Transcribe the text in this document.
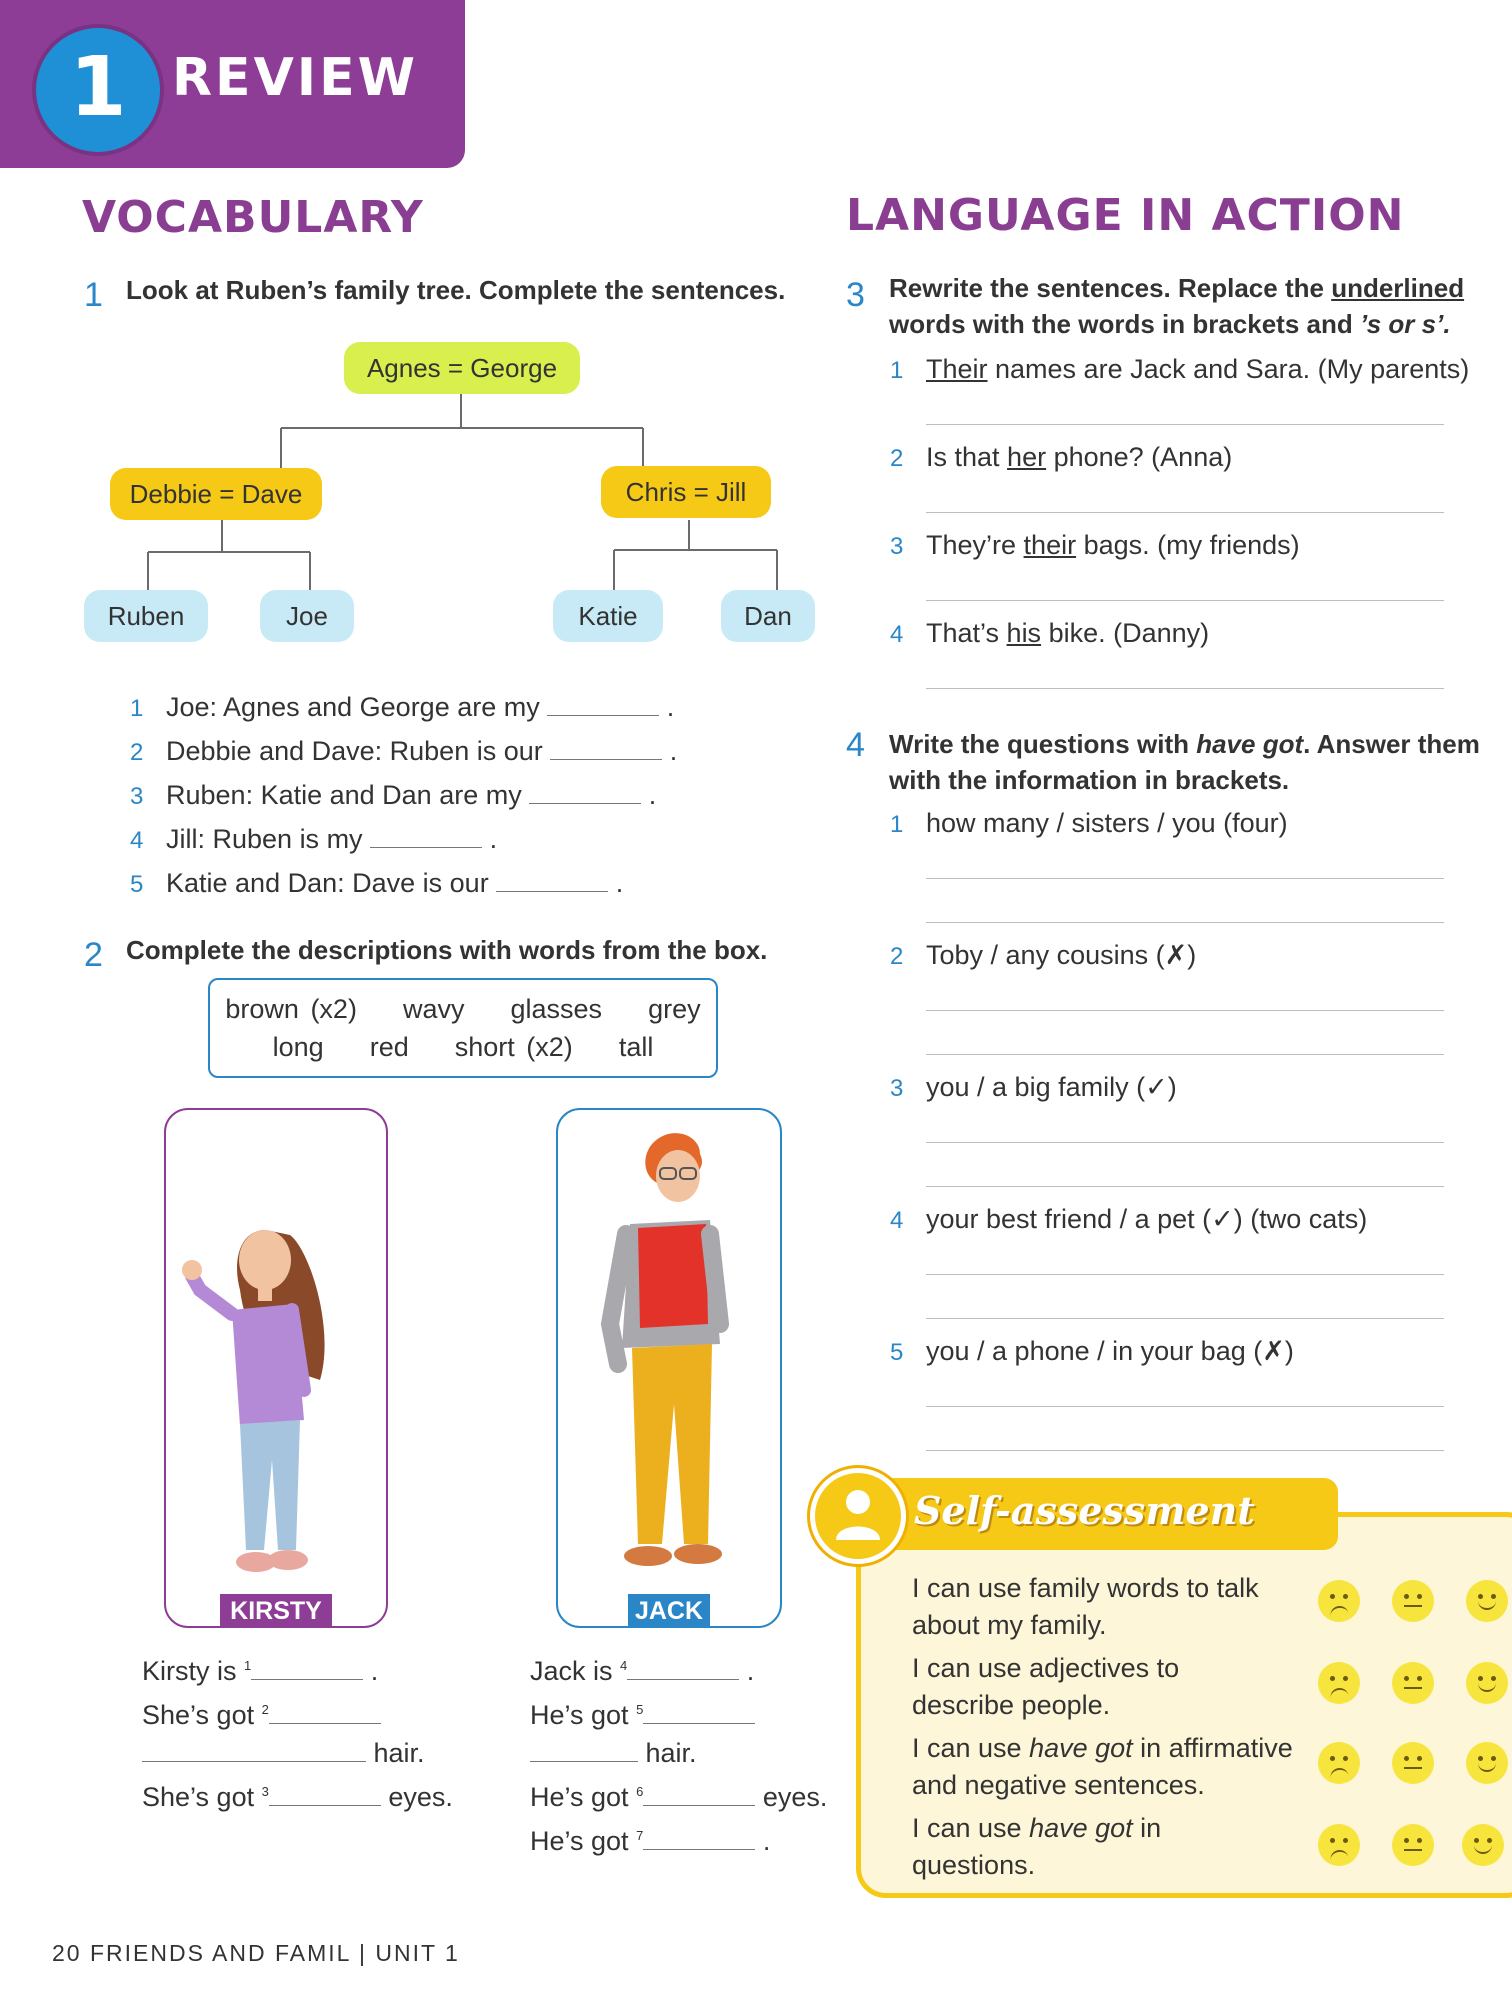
1 REVIEW
VOCABULARY
1 Look at Ruben’s family tree. Complete the sentences.
Agnes = George
Debbie = Dave	Chris = Jill
Ruben	Joe	Katie	Dan
1 Joe: Agnes and George are my	.
2 Debbie and Dave: Ruben is our	.
3 Ruben: Katie and Dan are my	.
4 Jill: Ruben is my	.
5 Katie and Dan: Dave is our	.
2 Complete the descriptions with words from the box.
brown (x2) wavy glasses grey
long red short (x2) tall
KIRSTY	JACK
Kirsty is $^1$	.
She’s got $^2$
hair.
She’s got $^3$	eyes.
Jack is $^4$	.
He’s got $^5$
hair.
He’s got $^6$	eyes.
He’s got $^7$	.
LANGUAGE IN ACTION
3 Rewrite the sentences. Replace the underlined
words with the words in brackets and ’s or s’.
1 Their names are Jack and Sara. (My parents)
2 Is that her phone? (Anna)
3 They’re their bags. (my friends)
4 That’s his bike. (Danny)
4 Write the questions with have got. Answer them
with the information in brackets.
1 how many / sisters / you (four)
2 Toby / any cousins (✗)
3 you / a big family (✓)
4 your best friend / a pet (✓) (two cats)
5 you / a phone / in your bag (✗)
Self-assessment
I can use family words to talk
about my family.
I can use adjectives to
describe people.
I can use have got in affirmative
and negative sentences.
I can use have got in
questions.
20 FRIENDS AND FAMIL | UNIT 1
